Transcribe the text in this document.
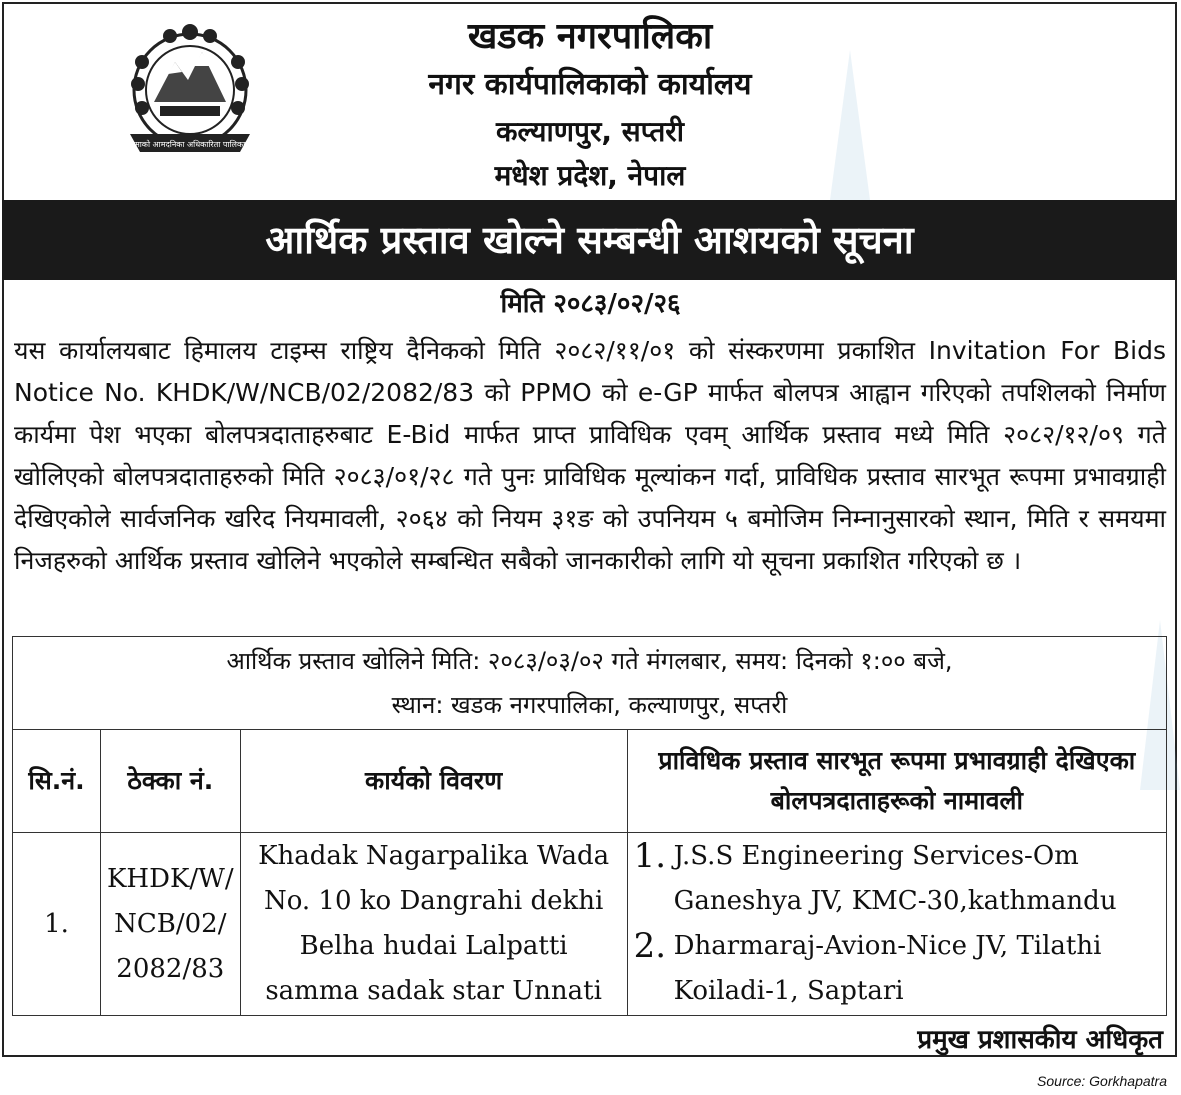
आमाको आमदनिका अधिकारिता पालिकाजी
खडक नगरपालिका
नगर कार्यपालिकाको कार्यालय
कल्याणपुर, सप्तरी
मधेश प्रदेश, नेपाल
आर्थिक प्रस्ताव खोल्ने सम्बन्धी आशयको सूचना
मिति २०८३/०२/२६
यस कार्यालयबाट हिमालय टाइम्स राष्ट्रिय दैनिकको मिति २०८२/११/०१ को संस्करणमा प्रकाशित Invitation For Bids Notice No. KHDK/W/NCB/02/2082/83 को PPMO को e-GP मार्फत बोलपत्र आह्वान गरिएको तपशिलको निर्माण कार्यमा पेश भएका बोलपत्रदाताहरुबाट E-Bid मार्फत प्राप्त प्राविधिक एवम् आर्थिक प्रस्ताव मध्ये मिति २०८२/१२/०९ गते खोलिएको बोलपत्रदाताहरुको मिति २०८३/०१/२८ गते पुनः प्राविधिक मूल्यांकन गर्दा, प्राविधिक प्रस्ताव सारभूत रूपमा प्रभावग्राही देखिएकोले सार्वजनिक खरिद नियमावली, २०६४ को नियम ३१ङ को उपनियम ५ बमोजिम निम्नानुसारको स्थान, मिति र समयमा निजहरुको आर्थिक प्रस्ताव खोलिने भएकोले सम्बन्धित सबैको जानकारीको लागि यो सूचना प्रकाशित गरिएको छ ।
आर्थिक प्रस्ताव खोलिने मिति: २०८३/०३/०२ गते मंगलबार, समय: दिनको १:०० बजे,
स्थान: खडक नगरपालिका, कल्याणपुर, सप्तरी
सि.नं.	ठेक्का नं.	कार्यको विवरण	प्राविधिक प्रस्ताव सारभूत रूपमा प्रभावग्राही देखिएका बोलपत्रदाताहरूको नामावली
1.	KHDK/W/ NCB/02/ 2082/83	Khadak Nagarpalika Wada No. 10 ko Dangrahi dekhi Belha hudai Lalpatti samma sadak star Unnati	1. J.S.S Engineering Services-Om Ganeshya JV, KMC-30,kathmandu
2. Dharmaraj-Avion-Nice JV, Tilathi Koiladi-1, Saptari
प्रमुख प्रशासकीय अधिकृत
Source: Gorkhapatra
